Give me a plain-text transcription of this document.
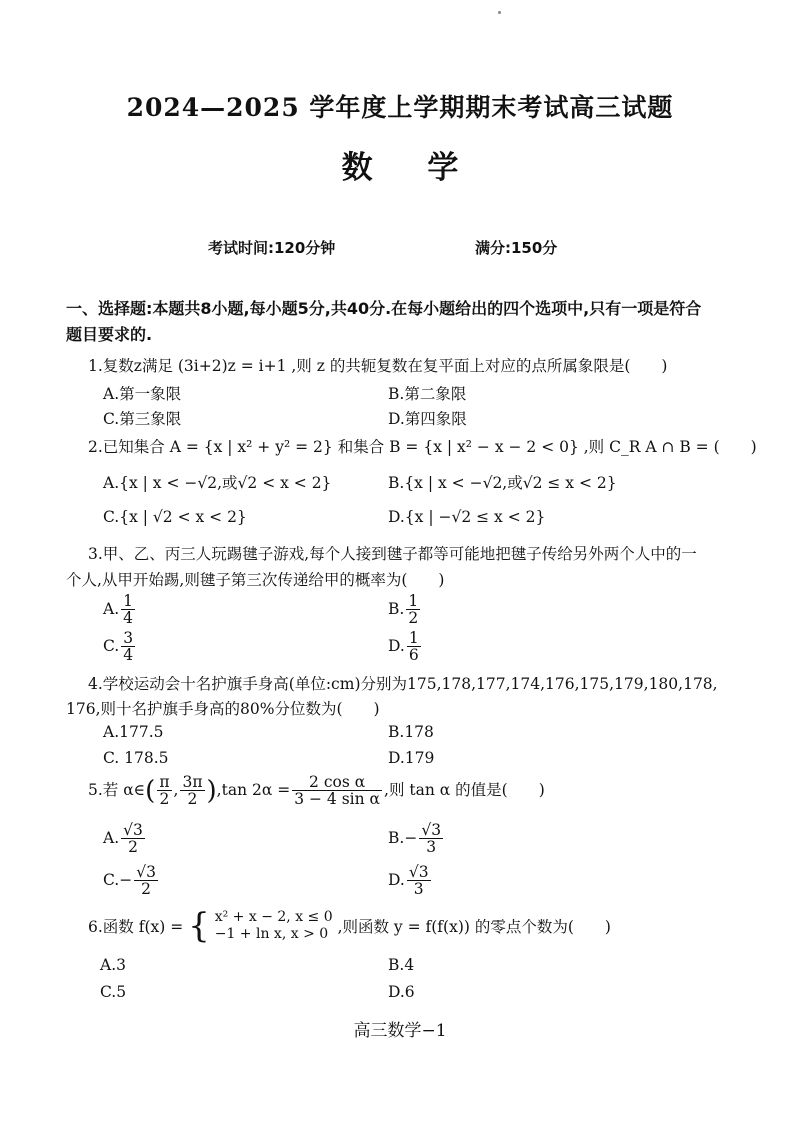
2024—2025 学年度上学期期末考试高三试题
数 学
考试时间:120分钟	满分:150分
一、选择题:本题共8小题,每小题5分,共40分.在每小题给出的四个选项中,只有一项是符合题目要求的.
1.复数z满足 (3i+2)z = i+1 ,则 z 的共轭复数在复平面上对应的点所属象限是(　　)
A.第一象限	B.第二象限
C.第三象限	D.第四象限
2.已知集合 A = {x | x² + y² = 2} 和集合 B = {x | x² − x − 2 < 0} ,则 C_R A ∩ B = (　　)
A.{x | x < −√2,或√2 < x < 2}	B.{x | x < −√2,或√2 ≤ x < 2}
C.{x | √2 < x < 2}	D.{x | −√2 ≤ x < 2}
3.甲、乙、丙三人玩踢毽子游戏,每个人接到毽子都等可能地把毽子传给另外两个人中的一
个人,从甲开始踢,则毽子第三次传递给甲的概率为(　　)
A. $\frac{1}{4}$	B. $\frac{1}{2}$
C. $\frac{3}{4}$	D. $\frac{1}{6}$
4.学校运动会十名护旗手身高(单位:cm)分别为175,178,177,174,176,175,179,180,178,
176,则十名护旗手身高的80%分位数为(　　)
A.177.5	B.178
C. 178.5	D.179
5.若 α∈( $\frac{\pi}{2}$ , $\frac{3\pi}{2} ),\tan$ $2\alpha = \frac{\text{2 cos α}}{\text{3 − 4 sin α}}$ ,则 tan α 的值是(　　)
A. $\frac{√3}{2}$	$B.- \frac{√3}{3}$
$C.- \frac{√3}{2}$	D. $\frac{√3}{3}$
6.函数 f(x) = { x² + x − 2, x ≤ 0
−1 + ln x, x > 0 ,则函数 y = f(f(x)) 的零点个数为(　　)
A.3	B.4
C.5	D.6
高三数学−1
